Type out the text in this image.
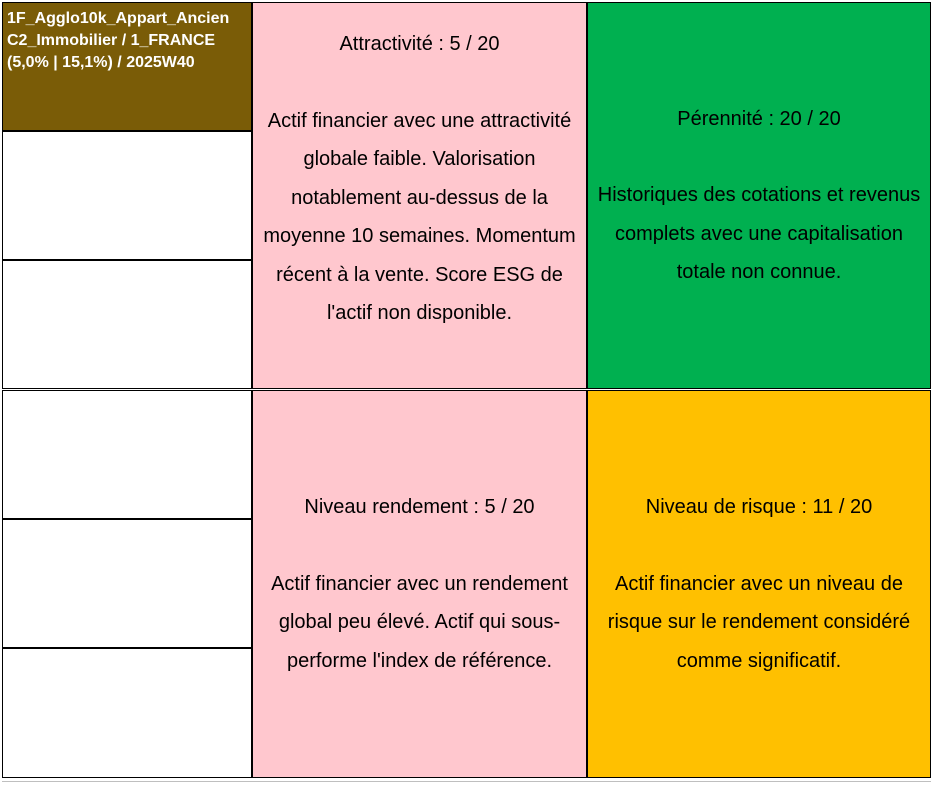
1F_Agglo10k_Appart_Ancien
C2_Immobilier / 1_FRANCE
(5,0% | 15,1%) / 2025W40
Attractivité : 5 / 20
Actif financier avec une attractivité globale faible. Valorisation notablement au-dessus de la moyenne 10 semaines. Momentum récent à la vente. Score ESG de l'actif non disponible.
Pérennité : 20 / 20
Historiques des cotations et revenus complets avec une capitalisation totale non connue.
Niveau rendement : 5 / 20
Actif financier avec un rendement global peu élevé. Actif qui sous-performe l'index de référence.
Niveau de risque : 11 / 20
Actif financier avec un niveau de risque sur le rendement considéré comme significatif.
